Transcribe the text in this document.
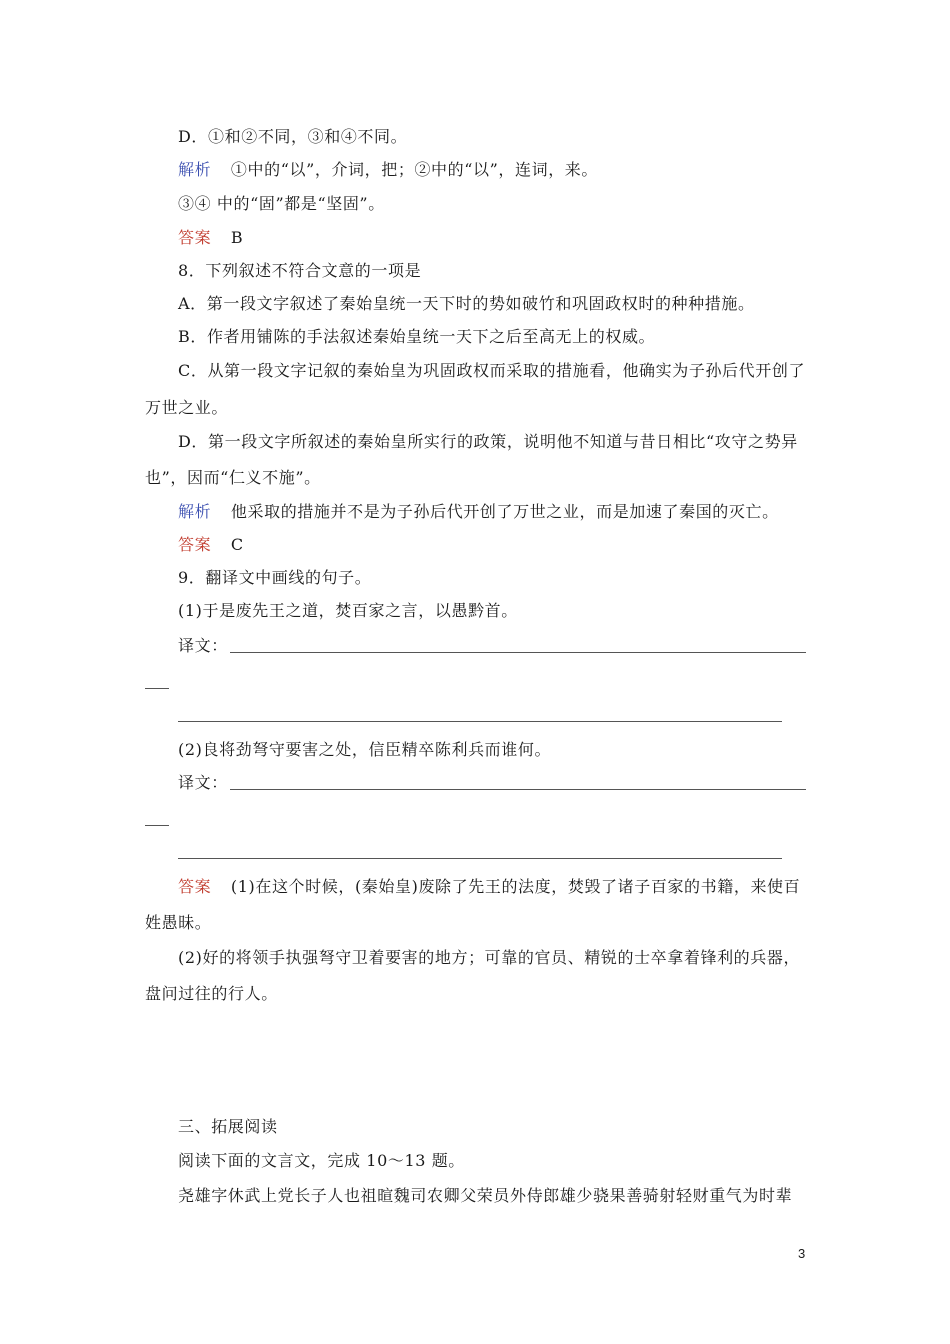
D．①和②不同，③和④不同。
解析 ①中的“以”，介词，把；②中的“以”，连词，来。
③④ 中的“固”都是“坚固”。
答案 B
8．下列叙述不符合文意的一项是
A．第一段文字叙述了秦始皇统一天下时的势如破竹和巩固政权时的种种措施。
B．作者用铺陈的手法叙述秦始皇统一天下之后至高无上的权威。
C．从第一段文字记叙的秦始皇为巩固政权而采取的措施看，他确实为子孙后代开创了
万世之业。
D．第一段文字所叙述的秦始皇所实行的政策，说明他不知道与昔日相比“攻守之势异
也”，因而“仁义不施”。
解析 他采取的措施并不是为子孙后代开创了万世之业，而是加速了秦国的灭亡。
答案 C
9．翻译文中画线的句子。
(1)于是废先王之道，焚百家之言，以愚黔首。
译文：
(2)良将劲弩守要害之处，信臣精卒陈利兵而谁何。
译文：
答案 (1)在这个时候，(秦始皇)废除了先王的法度，焚毁了诸子百家的书籍，来使百
姓愚昧。
(2)好的将领手执强弩守卫着要害的地方；可靠的官员、精锐的士卒拿着锋利的兵器，
盘问过往的行人。
三、拓展阅读
阅读下面的文言文，完成 10～13 题。
尧雄字休武上党长子人也祖暄魏司农卿父荣员外侍郎雄少骁果善骑射轻财重气为时辈
3
